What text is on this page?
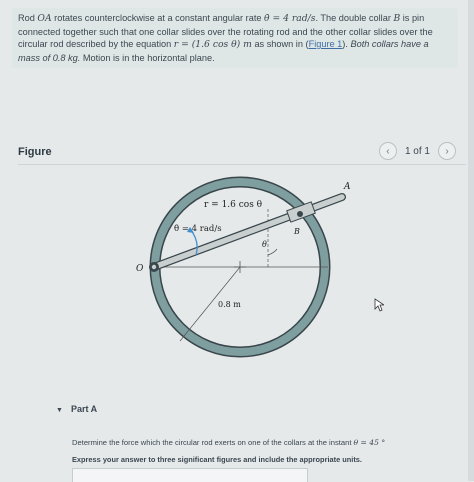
Rod OA rotates counterclockwise at a constant angular rate θ̇ = 4 rad/s. The double collar B is pin connected together such that one collar slides over the rotating rod and the other collar slides over the circular rod described by the equation r = (1.6 cos θ) m as shown in (Figure 1). Both collars have a mass of 0.8 kg. Motion is in the horizontal plane.

Figure	‹ 1 of 1 ›
A
B
O
θ
r = 1.6 cos θ
θ̇ = 4 rad/s
0.8 m
▼ Part A
Determine the force which the circular rod exerts on one of the collars at the instant θ = 45 °
Express your answer to three significant figures and include the appropriate units.
